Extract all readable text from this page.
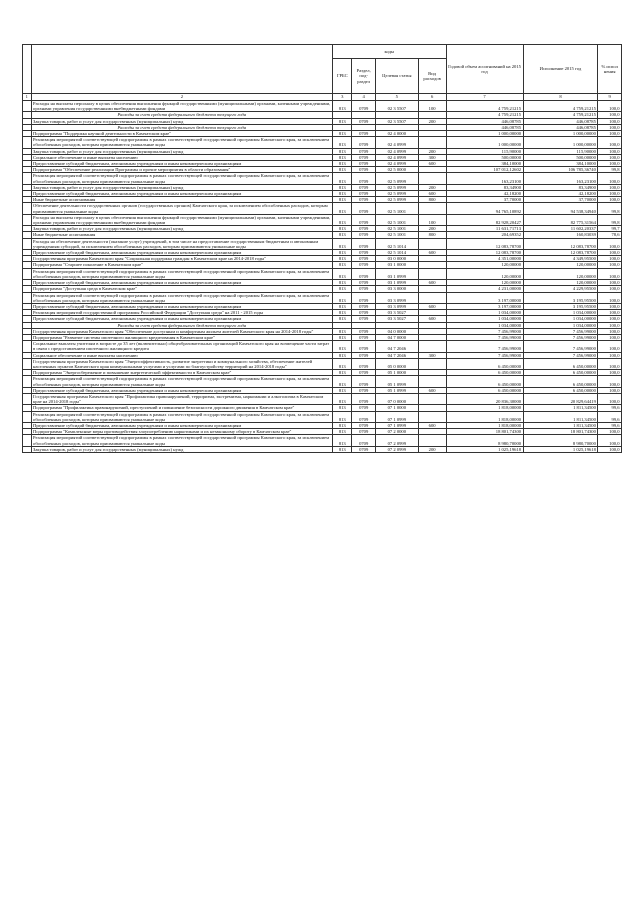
		коды				Годовой объем ассигнований на 2015 год	Исполнение 2015 год	% испол нения
		ГРБС	Раздел, под-раздел	Целевая статья	Вид расходов			
1	2	3	4	5	6	7	8	9
	Расходы на выплаты персоналу в целях обеспечения выполнения функций государственными (муниципальными) органами, казенными учреждениями, органами управления государственными внебюджетными фондами	813	0709	02 3 5507	100	4 759,21215	4 759,21215	100,0
	Расходы за счет средств федерального бюджета текущего года					4 759,21215	4 759,21215	100,0
	Закупка товаров, работ и услуг для государственных (муниципальных) нужд	813	0709	02 3 5507	200	446,08785	446,08785	100,0
	Расходы за счет средств федерального бюджета текущего года					446,08785	446,08785	100,0
	Подпрограмма "Поддержка научной деятельности в Камчатском крае"	813	0709	02 4 0000		1 000,00000	1 000,00000	100,0
	Реализация мероприятий соответствующей подпрограммы в рамках соответствующей государственной программы Камчатского края, за исключением обособленных расходов, которым присваиваются уникальные коды	813	0709	02 4 0999		1 000,00000	1 000,00000	100,0
	Закупка товаров, работ и услуг для государственных (муниципальных) нужд	813	0709	02 4 0999	200	115,90000	115,90000	100,0
	Социальное обеспечение и иные выплаты населению	813	0709	02 4 0999	300	500,00000	500,00000	100,0
	Предоставление субсидий бюджетным, автономным учреждениям и иным некоммерческим организациям	813	0709	02 4 0999	600	384,10000	384,10000	100,0
	Подпрограмма "Обеспечение реализации Программы и прочие мероприятия в области образования"	813	0709	02 5 0000		107 012,12602	106 785,36740	99,8
	Реализация мероприятий соответствующей подпрограммы в рамках соответствующей государственной программы Камчатского края, за исключением обособленных расходов, которым присваиваются уникальные коды	813	0709	02 5 0999		163,23100	163,23100	100,0
	Закупка товаров, работ и услуг для государственных (муниципальных) нужд	813	0709	02 5 0999	200	83,34900	83,34900	100,0
	Предоставление субсидий бюджетным, автономным учреждениям и иным некоммерческим организациям	813	0709	02 5 0999	600	42,18200	42,18200	100,0
	Иные бюджетные ассигнования	813	0709	02 5 0999	800	37,70000	37,70000	100,0
	Обеспечение деятельности государственных органов (государственных органов) Камчатского края, за исключением обособленных расходов, которым присваиваются уникальные коды	813	0709	02 5 1001		94 765,10892	94 538,34940	99,8
	Расходы на выплаты персоналу в целях обеспечения выполнения функций государственными (муниципальными) органами, казенными учреждениями, органами управления государственными внебюджетными фондами	813	0709	02 5 1001	100	82 928,20427	82 775,31564	99,8
	Закупка товаров, работ и услуг для государственных (муниципальных) нужд	813	0709	02 5 1001	200	11 631,71713	11 602,20337	99,7
	Иные бюджетные ассигнования	813	0709	02 5 1001	800	204,69352	160,83039	78,6
	Расходы на обеспечение деятельности (оказание услуг) учреждений, в том числе на предоставление государственным бюджетным и автономным учреждениям субсидий, за исключением обособленных расходов, которым присваиваются уникальные коды	813	0709	02 5 1014		12 083,78700	12 083,78700	100,0
	Предоставление субсидий бюджетным, автономным учреждениям и иным некоммерческим организациям	813	0709	02 5 1014	600	12 083,78700	12 083,78700	100,0
	Государственная программа Камчатского края "Социальная поддержка граждан в Камчатском крае на 2014-2018 годы"	813	0709	03 0 0000		4 351,00000	4 349,95500	100,0
	Подпрограмма "Старшее поколение в Камчатском крае"	813	0709	03 1 0000		120,00000	120,00000	100,0
	Реализация мероприятий соответствующей подпрограммы в рамках соответствующей государственной программы Камчатского края, за исключением обособленных расходов, которым присваиваются уникальные коды	813	0709	03 1 0999		120,00000	120,00000	100,0
	Предоставление субсидий бюджетным, автономным учреждениям и иным некоммерческим организациям	813	0709	03 1 0999	600	120,00000	120,00000	100,0
	Подпрограмма "Доступная среда в Камчатском крае"	813	0709	03 3 0000		4 231,00000	4 229,95500	100,0
	Реализация мероприятий соответствующей подпрограммы в рамках соответствующей государственной программы Камчатского края, за исключением обособленных расходов, которым присваиваются уникальные коды	813	0709	03 3 0999		3 197,00000	3 195,95500	100,0
	Предоставление субсидий бюджетным, автономным учреждениям и иным некоммерческим организациям	813	0709	03 3 0999	600	3 197,00000	3 195,95500	100,0
	Реализация мероприятий государственной программы Российской Федерации "Доступная среда" на 2011 - 2015 годы	813	0709	03 3 5027		1 034,00000	1 034,00000	100,0
	Предоставление субсидий бюджетным, автономным учреждениям и иным некоммерческим организациям	813	0709	03 3 5027	600	1 034,00000	1 034,00000	100,0
	Расходы за счет средств федерального бюджета текущего года					1 034,00000	1 034,00000	100,0
	Государственная программа Камчатского края "Обеспечение доступным и комфортным жильем жителей Камчатского края на 2014-2018 годы"	813	0709	04 0 0000		7 456,99000	7 456,99000	100,0
	Подпрограмма "Развитие системы ипотечного жилищного кредитования в Камчатском крае"	813	0709	04 7 0000		7 456,99000	7 456,99000	100,0
	Социальные выплаты учителям в возрасте до 35 лет (включительно) общеобразовательных организаций Камчатского края на возмещение части затрат в связи с предоставлением ипотечного жилищного кредита	813	0709	04 7 2046		7 456,99000	7 456,99000	100,0
	Социальное обеспечение и иные выплаты населению	813	0709	04 7 2046	300	7 456,99000	7 456,99000	100,0
	Государственная программа Камчатского края "Энергоэффективность, развитие энергетики и коммунального хозяйства, обеспечение жителей населенных пунктов Камчатского края коммунальными услугами и услугами по благоустройству территорий на 2014-2018 годы"	813	0709	05 0 0000		6 450,00000	6 450,00000	100,0
	Подпрограмма "Энергосбережение и повышение энергетической эффективности в Камчатском крае"	813	0709	05 1 0000		6 450,00000	6 450,00000	100,0
	Реализация мероприятий соответствующей подпрограммы в рамках соответствующей государственной программы Камчатского края, за исключением обособленных расходов, которым присваиваются уникальные коды	813	0709	05 1 0999		6 450,00000	6 450,00000	100,0
	Предоставление субсидий бюджетным, автономным учреждениям и иным некоммерческим организациям	813	0709	05 1 0999	600	6 450,00000	6 450,00000	100,0
	Государственная программа Камчатского края "Профилактика правонарушений, терроризма, экстремизма, наркомании и алкоголизма в Камчатском крае на 2014-2018 годы"	813	0709	07 0 0000		20 836,30000	20 829,64419	100,0
	Подпрограмма "Профилактика правонарушений, преступлений и повышение безопасности дорожного движения в Камчатском крае"	813	0709	07 1 0000		1 818,00000	1 811,34500	99,6
	Реализация мероприятий соответствующей подпрограммы в рамках соответствующей государственной программы Камчатского края, за исключением обособленных расходов, которым присваиваются уникальные коды	813	0709	07 1 0999		1 818,00000	1 811,34500	99,6
	Предоставление субсидий бюджетным, автономным учреждениям и иным некоммерческим организациям	813	0709	07 1 0999	600	1 818,00000	1 811,34500	99,6
	Подпрограмма "Комплексные меры противодействия злоупотреблению наркотиками и их незаконному обороту в Камчатском крае"	813	0709	07 2 0000		18 801,74300	18 801,74300	100,0
	Реализация мероприятий соответствующей подпрограммы в рамках соответствующей государственной программы Камчатского края, за исключением обособленных расходов, которым присваиваются уникальные коды	813	0709	07 2 0999		8 980,70000	8 980,70000	100,0
	Закупка товаров, работ и услуг для государственных (муниципальных) нужд	813	0709	07 2 0999	200	1 025,19618	1 025,19618	100,0
